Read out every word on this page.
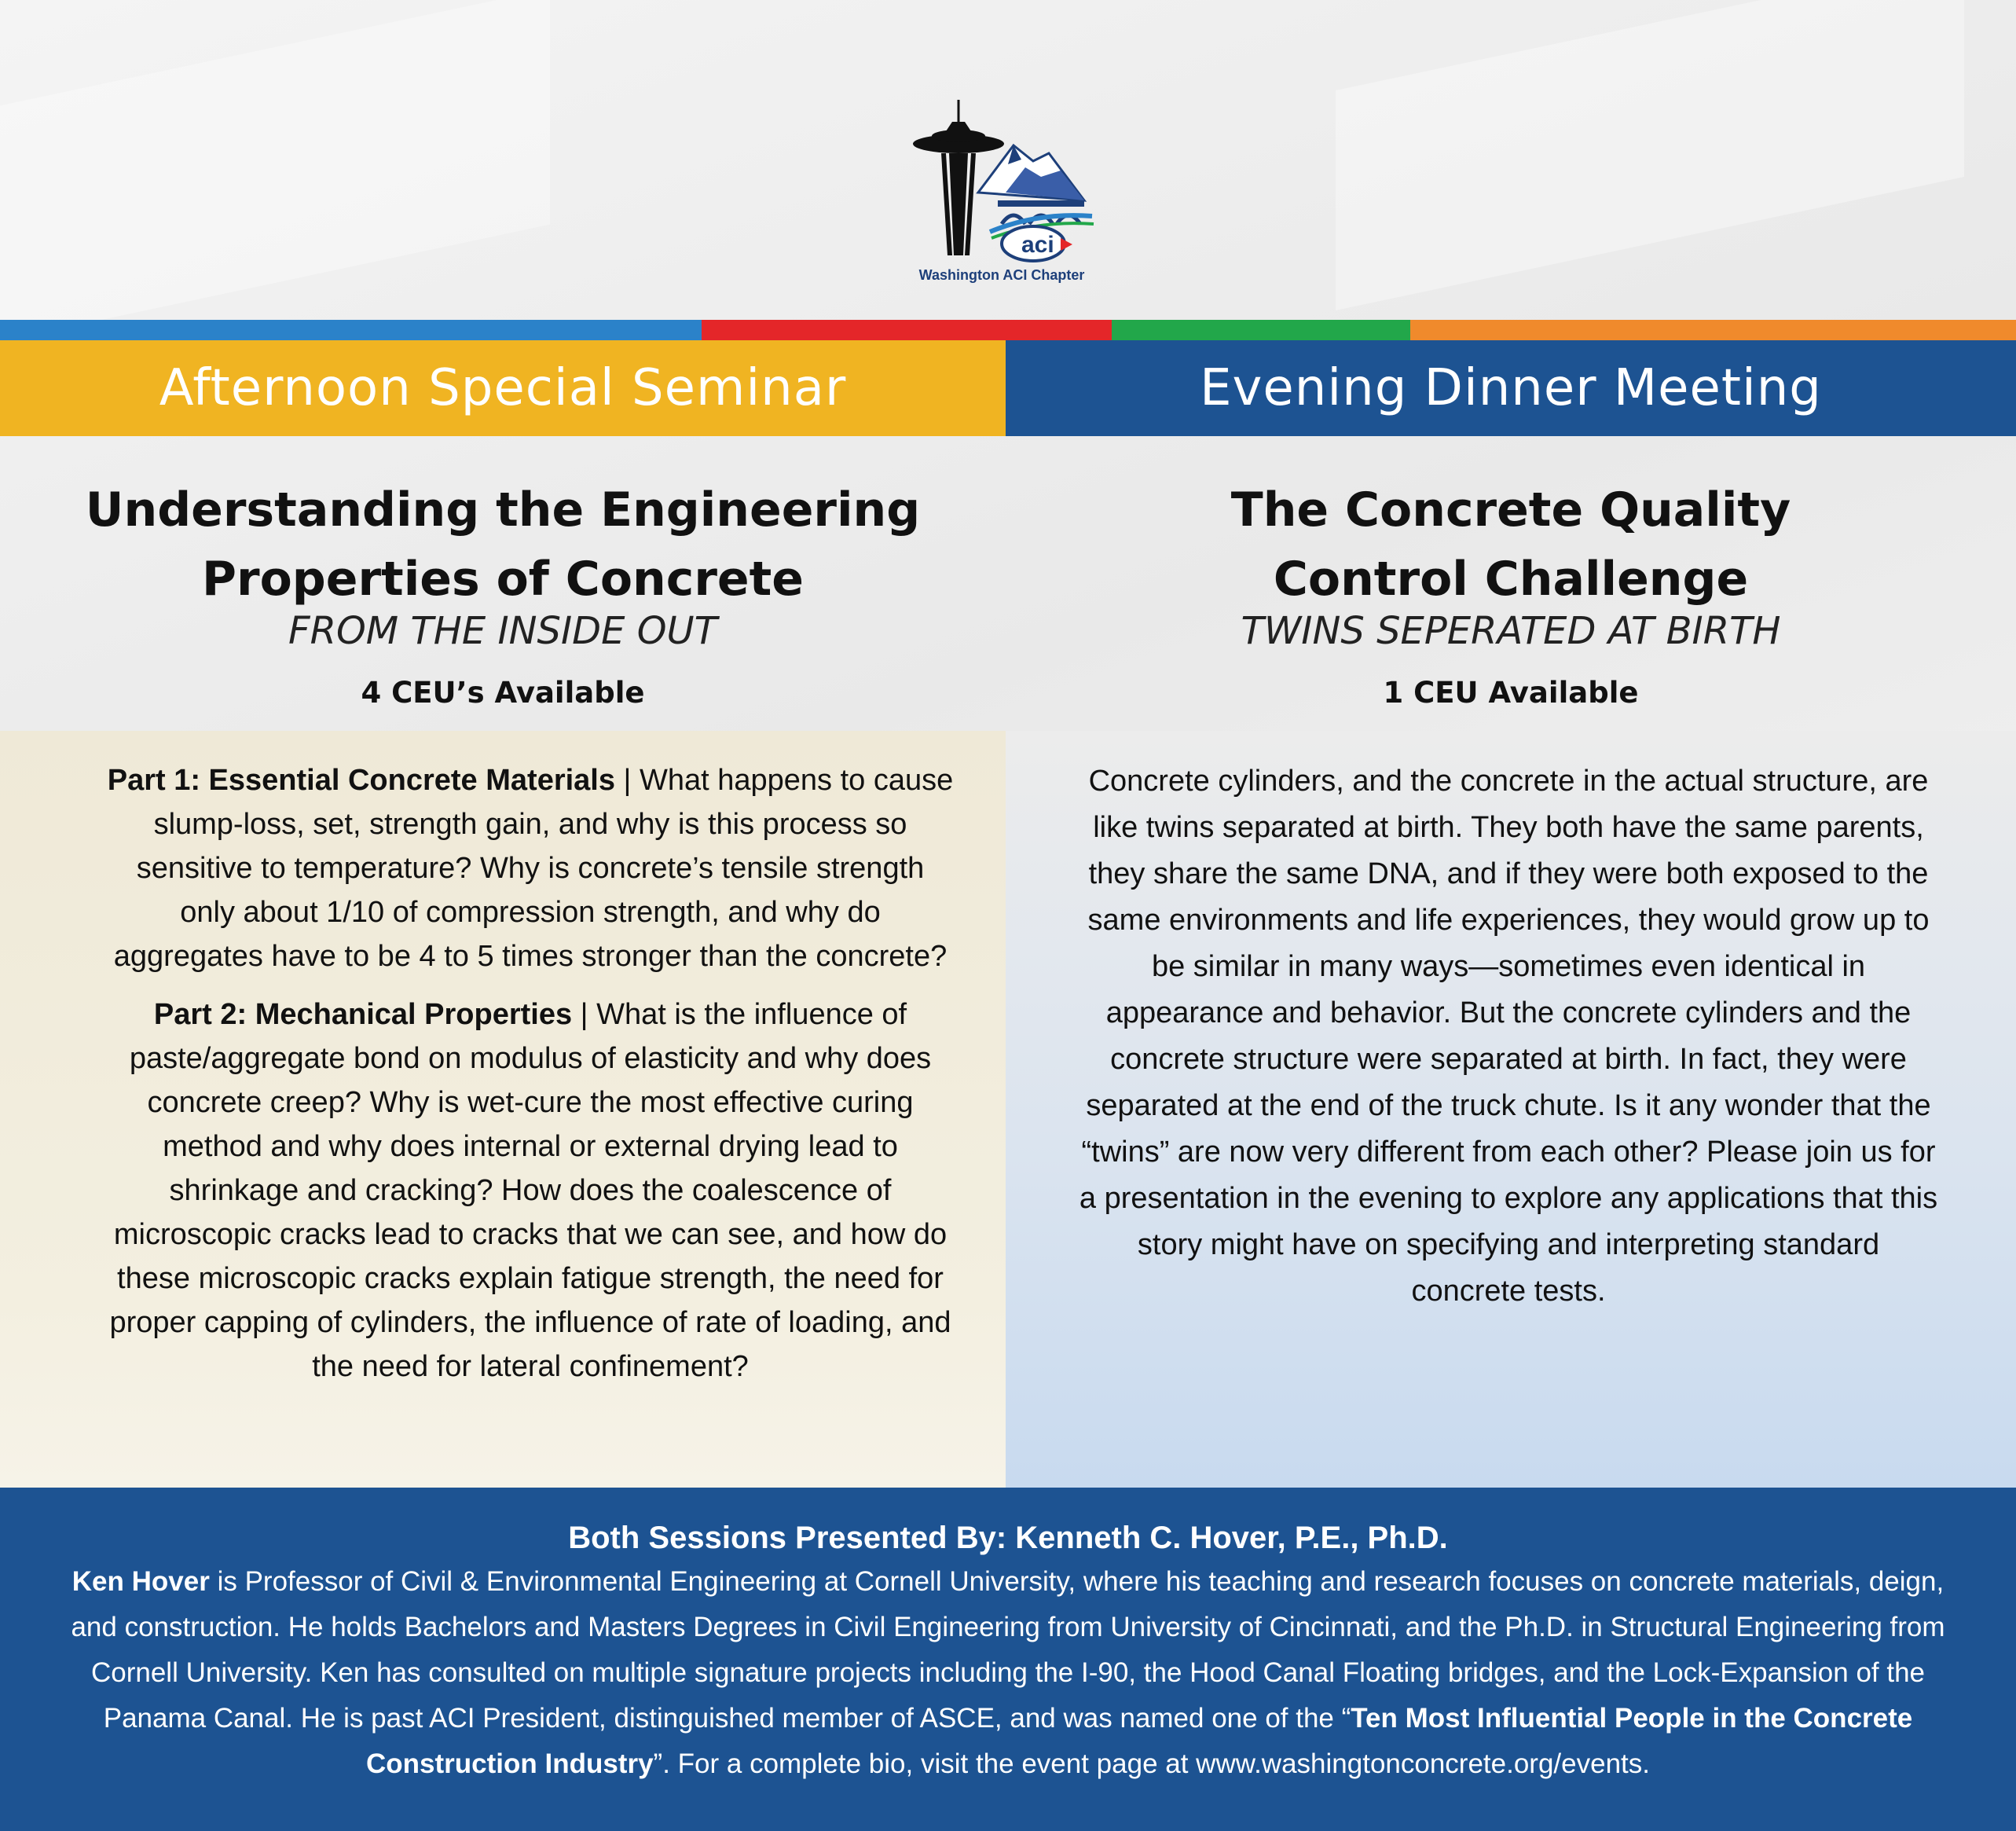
aci
Washington ACI Chapter
Afternoon Special Seminar	Evening Dinner Meeting
Understanding the Engineering
Properties of Concrete
FROM THE INSIDE OUT
4 CEU’s Available

Part 1: Essential Concrete Materials | What happens to cause slump-loss, set, strength gain, and why is this process so sensitive to temperature? Why is concrete’s tensile strength only about 1/10 of compression strength, and why do aggregates have to be 4 to 5 times stronger than the concrete?

Part 2: Mechanical Properties | What is the influence of paste/aggregate bond on modulus of elasticity and why does concrete creep? Why is wet-cure the most effective curing method and why does internal or external drying lead to shrinkage and cracking? How does the coalescence of microscopic cracks lead to cracks that we can see, and how do these microscopic cracks explain fatigue strength, the need for proper capping of cylinders, the influence of rate of loading, and the need for lateral confinement?

The Concrete Quality
Control Challenge
TWINS SEPERATED AT BIRTH
1 CEU Available
Concrete cylinders, and the concrete in the actual structure, are like twins separated at birth. They both have the same parents, they share the same DNA, and if they were both exposed to the same environments and life experiences, they would grow up to be similar in many ways—sometimes even identical in appearance and behavior. But the concrete cylinders and the concrete structure were separated at birth. In fact, they were separated at the end of the truck chute. Is it any wonder that the “twins” are now very different from each other? Please join us for a presentation in the evening to explore any applications that this story might have on specifying and interpreting standard concrete tests.
Both Sessions Presented By: Kenneth C. Hover, P.E., Ph.D.
Ken Hover is Professor of Civil & Environmental Engineering at Cornell University, where his teaching and research focuses on concrete materials, deign, and construction. He holds Bachelors and Masters Degrees in Civil Engineering from University of Cincinnati, and the Ph.D. in Structural Engineering from Cornell University. Ken has consulted on multiple signature projects including the I-90, the Hood Canal Floating bridges, and the Lock-Expansion of the Panama Canal. He is past ACI President, distinguished member of ASCE, and was named one of the “Ten Most Influential People in the Concrete Construction Industry”. For a complete bio, visit the event page at www.washingtonconcrete.org/events.
